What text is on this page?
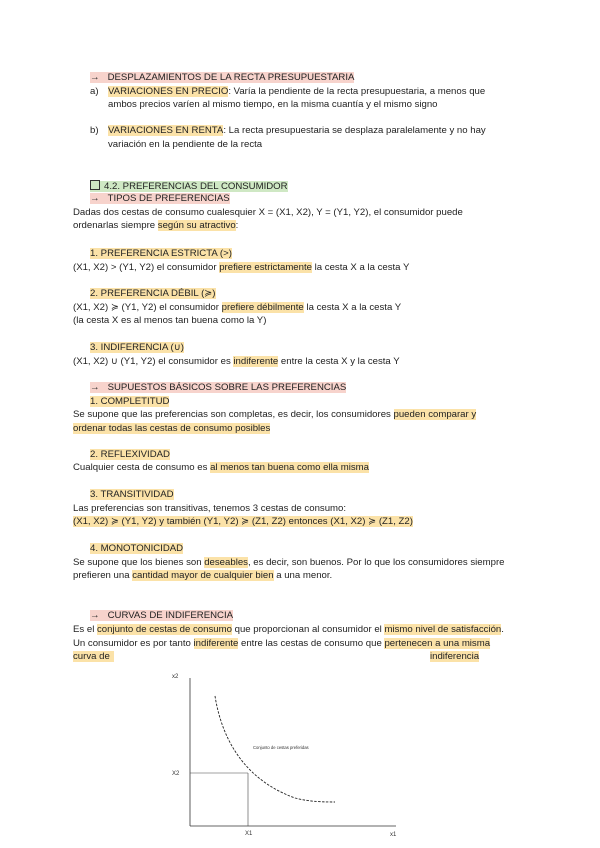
→ DESPLAZAMIENTOS DE LA RECTA PRESUPUESTARIA
a) VARIACIONES EN PRECIO: Varía la pendiente de la recta presupuestaria, a menos que
ambos precios varíen al mismo tiempo, en la misma cuantía y el mismo signo
b) VARIACIONES EN RENTA: La recta presupuestaria se desplaza paralelamente y no hay
variación en la pendiente de la recta
4.2. PREFERENCIAS DEL CONSUMIDOR
→ TIPOS DE PREFERENCIAS
Dadas dos cestas de consumo cualesquier X = (X1, X2), Y = (Y1, Y2), el consumidor puede
ordenarlas siempre según su atractivo:
1. PREFERENCIA ESTRICTA (>)
(X1, X2) > (Y1, Y2) el consumidor prefiere estrictamente la cesta X a la cesta Y
2. PREFERENCIA DÉBIL (≽)
(X1, X2) ≽ (Y1, Y2) el consumidor prefiere débilmente la cesta X a la cesta Y
(la cesta X es al menos tan buena como la Y)
3. INDIFERENCIA (∪)
(X1, X2) ∪ (Y1, Y2) el consumidor es indiferente entre la cesta X y la cesta Y
→ SUPUESTOS BÁSICOS SOBRE LAS PREFERENCIAS
1. COMPLETITUD
Se supone que las preferencias son completas, es decir, los consumidores pueden comparar y
ordenar todas las cestas de consumo posibles
2. REFLEXIVIDAD
Cualquier cesta de consumo es al menos tan buena como ella misma
3. TRANSITIVIDAD
Las preferencias son transitivas, tenemos 3 cestas de consumo:
(X1, X2) ≽ (Y1, Y2) y también (Y1, Y2) ≽ (Z1, Z2) entonces (X1, X2) ≽ (Z1, Z2)
4. MONOTONICIDAD
Se supone que los bienes son deseables, es decir, son buenos. Por lo que los consumidores siempre
prefieren una cantidad mayor de cualquier bien a una menor.
→ CURVAS DE INDIFERENCIA
Es el conjunto de cestas de consumo que proporcionan al consumidor el mismo nivel de satisfacción.
Un consumidor es por tanto indiferente entre las cestas de consumo que pertenecen a una misma
curva de	indiferencia
x2
x1
X2
X1
Conjunto de cestas preferidas
